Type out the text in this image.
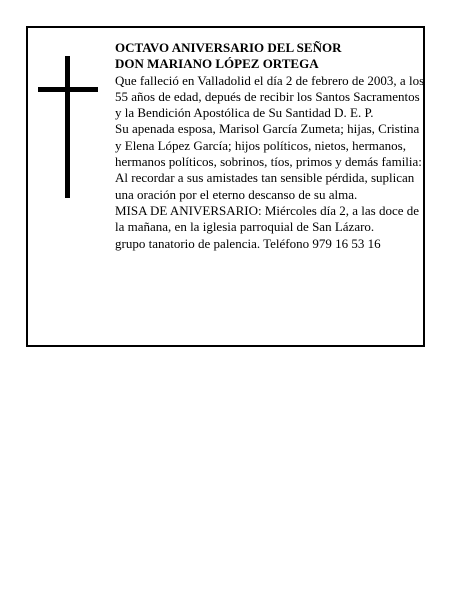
OCTAVO ANIVERSARIO DEL SEÑOR

DON MARIANO LÓPEZ ORTEGA

Que falleció en Valladolid el día 2 de febrero de 2003, a los 55 años de edad, depués de recibir los Santos Sacramentos y la Bendición Apostólica de Su Santidad D. E. P.

Su apenada esposa, Marisol García Zumeta; hijas, Cristina y Elena López García; hijos políticos, nietos, hermanos, hermanos políticos, sobrinos, tíos, primos y demás familia:

Al recordar a sus amistades tan sensible pérdida, suplican una oración por el eterno descanso de su alma.

MISA DE ANIVERSARIO: Miércoles día 2, a las doce de la mañana, en la iglesia parroquial de San Lázaro.

grupo tanatorio de palencia. Teléfono 979 16 53 16
